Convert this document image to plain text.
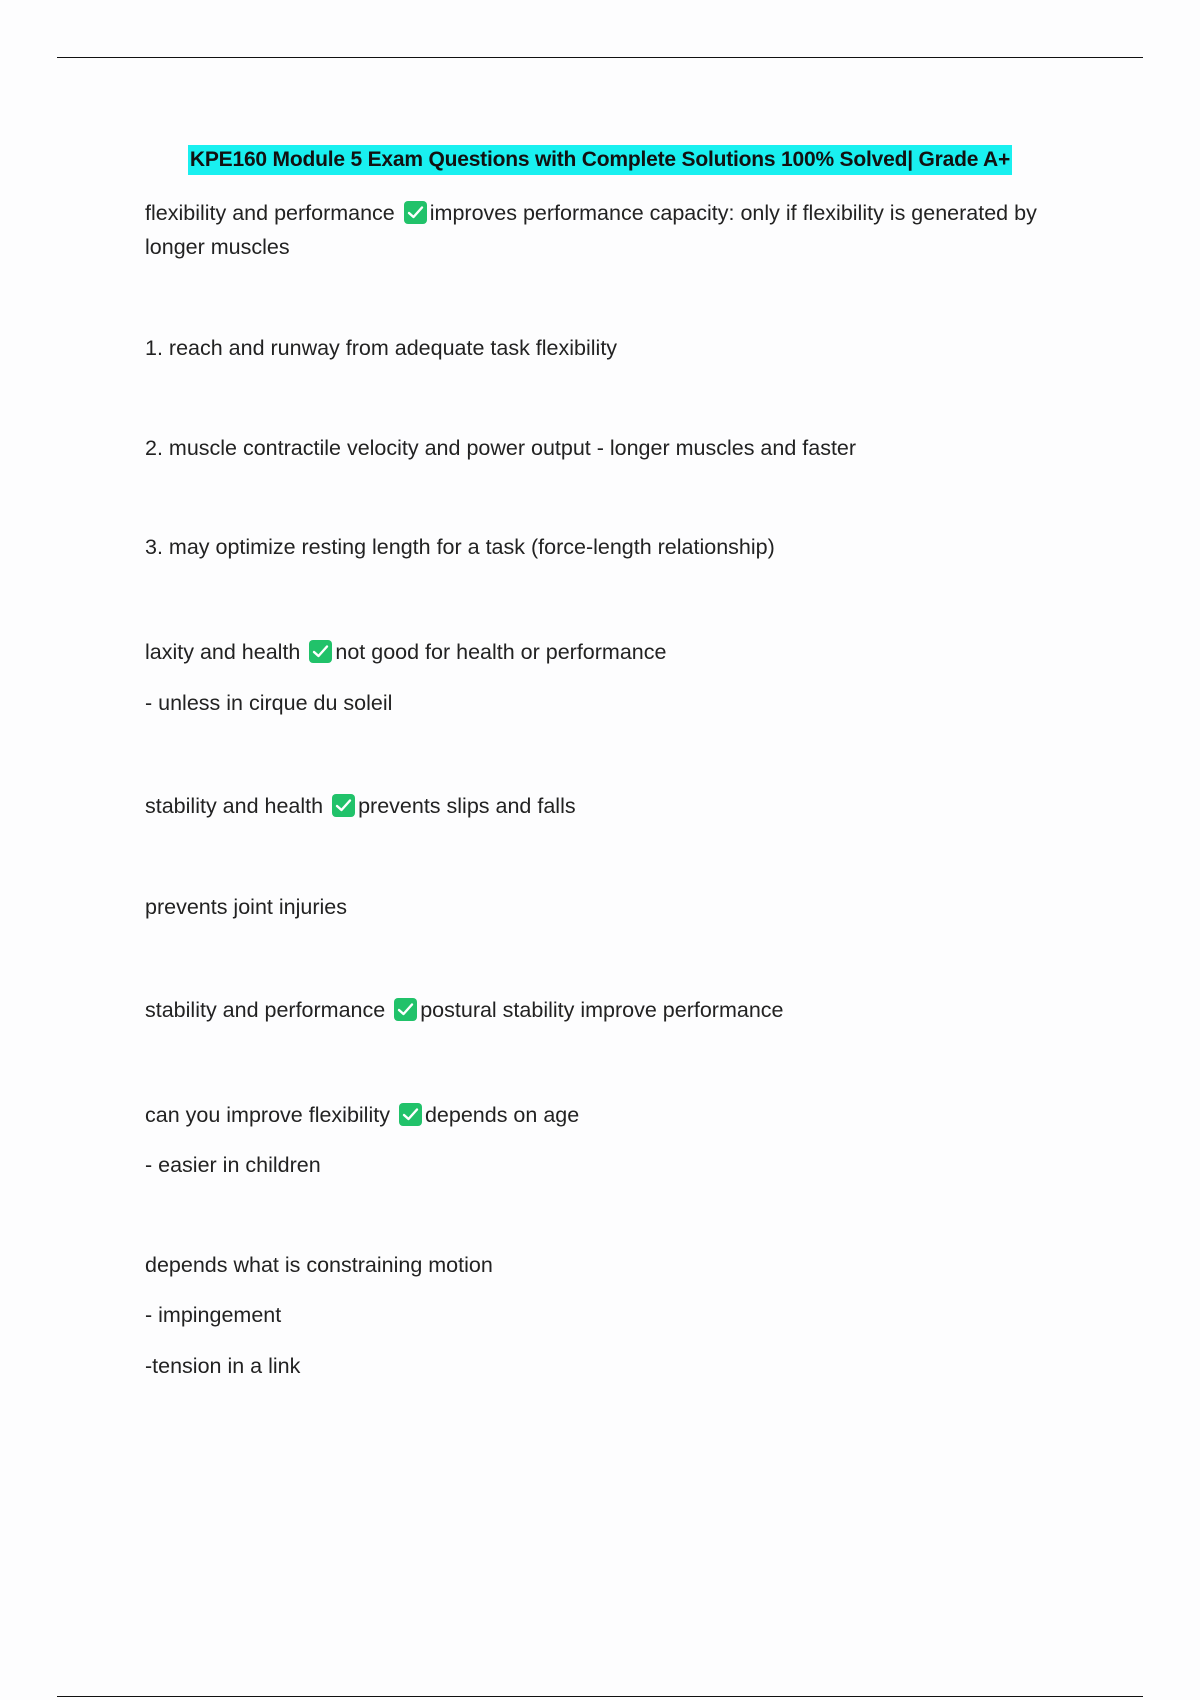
KPE160 Module 5 Exam Questions with Complete Solutions 100% Solved| Grade A+
flexibility and performance improves performance capacity: only if flexibility is generated by longer muscles
1. reach and runway from adequate task flexibility
2. muscle contractile velocity and power output - longer muscles and faster
3. may optimize resting length for a task (force-length relationship)
laxity and health not good for health or performance
- unless in cirque du soleil
stability and health prevents slips and falls
prevents joint injuries
stability and performance postural stability improve performance
can you improve flexibility depends on age
- easier in children
depends what is constraining motion
- impingement
-tension in a link
